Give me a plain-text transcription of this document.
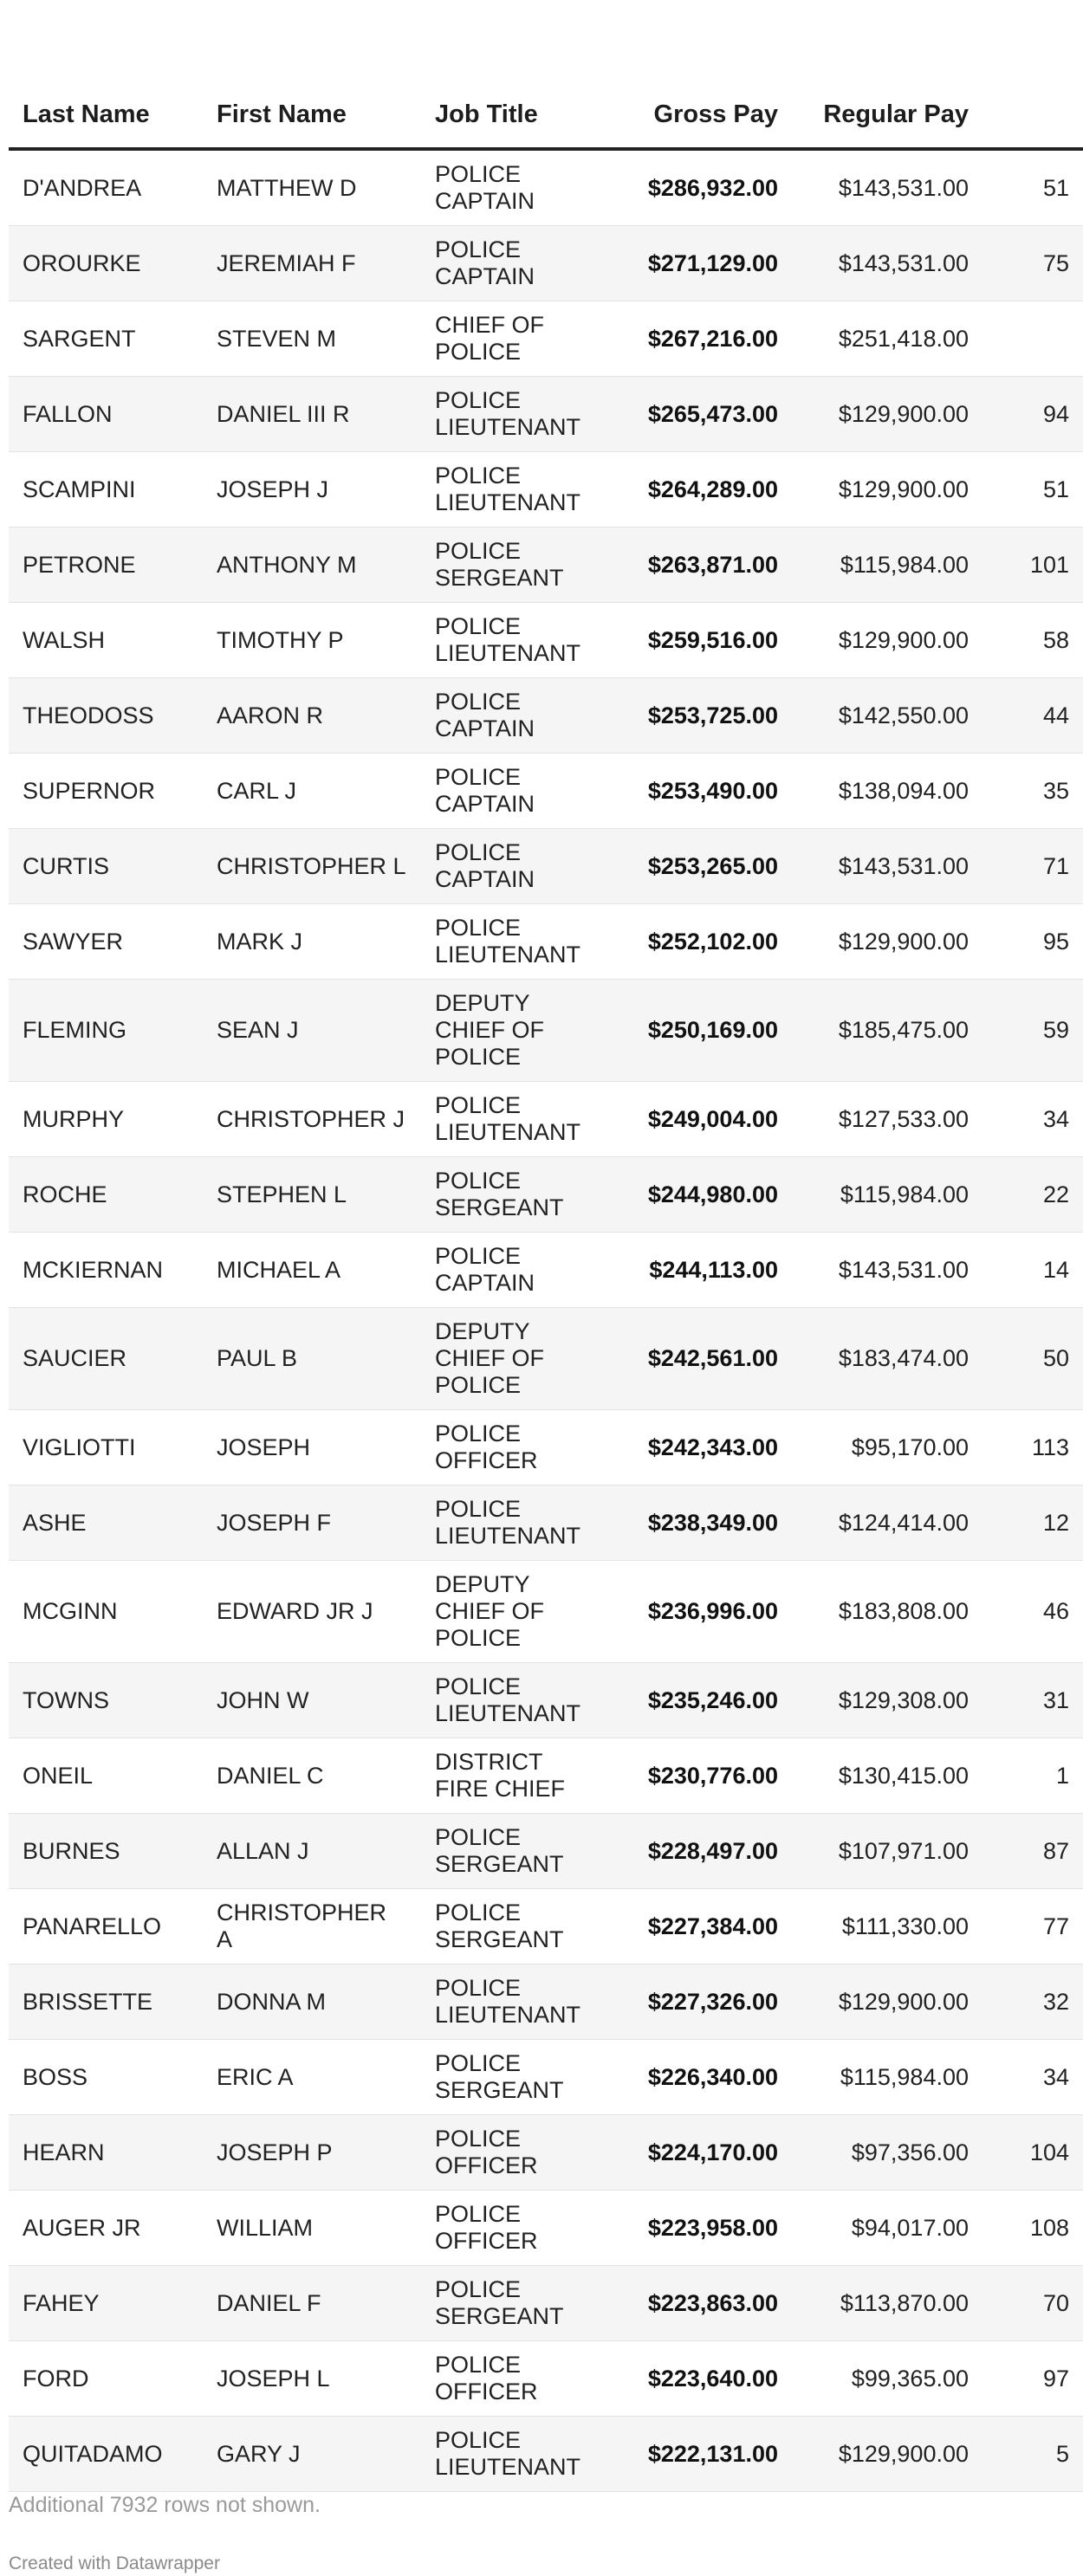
Last Name	First Name	Job Title	Gross Pay	Regular Pay	
D'ANDREA	MATTHEW D	POLICE CAPTAIN	$286,932.00	$143,531.00	51
OROURKE	JEREMIAH F	POLICE CAPTAIN	$271,129.00	$143,531.00	75
SARGENT	STEVEN M	CHIEF OF POLICE	$267,216.00	$251,418.00	
FALLON	DANIEL III R	POLICE LIEUTENANT	$265,473.00	$129,900.00	94
SCAMPINI	JOSEPH J	POLICE LIEUTENANT	$264,289.00	$129,900.00	51
PETRONE	ANTHONY M	POLICE SERGEANT	$263,871.00	$115,984.00	101
WALSH	TIMOTHY P	POLICE LIEUTENANT	$259,516.00	$129,900.00	58
THEODOSS	AARON R	POLICE CAPTAIN	$253,725.00	$142,550.00	44
SUPERNOR	CARL J	POLICE CAPTAIN	$253,490.00	$138,094.00	35
CURTIS	CHRISTOPHER L	POLICE CAPTAIN	$253,265.00	$143,531.00	71
SAWYER	MARK J	POLICE LIEUTENANT	$252,102.00	$129,900.00	95
FLEMING	SEAN J	DEPUTY CHIEF OF POLICE	$250,169.00	$185,475.00	59
MURPHY	CHRISTOPHER J	POLICE LIEUTENANT	$249,004.00	$127,533.00	34
ROCHE	STEPHEN L	POLICE SERGEANT	$244,980.00	$115,984.00	22
MCKIERNAN	MICHAEL A	POLICE CAPTAIN	$244,113.00	$143,531.00	14
SAUCIER	PAUL B	DEPUTY CHIEF OF POLICE	$242,561.00	$183,474.00	50
VIGLIOTTI	JOSEPH	POLICE OFFICER	$242,343.00	$95,170.00	113
ASHE	JOSEPH F	POLICE LIEUTENANT	$238,349.00	$124,414.00	12
MCGINN	EDWARD JR J	DEPUTY CHIEF OF POLICE	$236,996.00	$183,808.00	46
TOWNS	JOHN W	POLICE LIEUTENANT	$235,246.00	$129,308.00	31
ONEIL	DANIEL C	DISTRICT FIRE CHIEF	$230,776.00	$130,415.00	1
BURNES	ALLAN J	POLICE SERGEANT	$228,497.00	$107,971.00	87
PANARELLO	CHRISTOPHER A	POLICE SERGEANT	$227,384.00	$111,330.00	77
BRISSETTE	DONNA M	POLICE LIEUTENANT	$227,326.00	$129,900.00	32
BOSS	ERIC A	POLICE SERGEANT	$226,340.00	$115,984.00	34
HEARN	JOSEPH P	POLICE OFFICER	$224,170.00	$97,356.00	104
AUGER JR	WILLIAM	POLICE OFFICER	$223,958.00	$94,017.00	108
FAHEY	DANIEL F	POLICE SERGEANT	$223,863.00	$113,870.00	70
FORD	JOSEPH L	POLICE OFFICER	$223,640.00	$99,365.00	97
QUITADAMO	GARY J	POLICE LIEUTENANT	$222,131.00	$129,900.00	5
Additional 7932 rows not shown.
Created with Datawrapper
